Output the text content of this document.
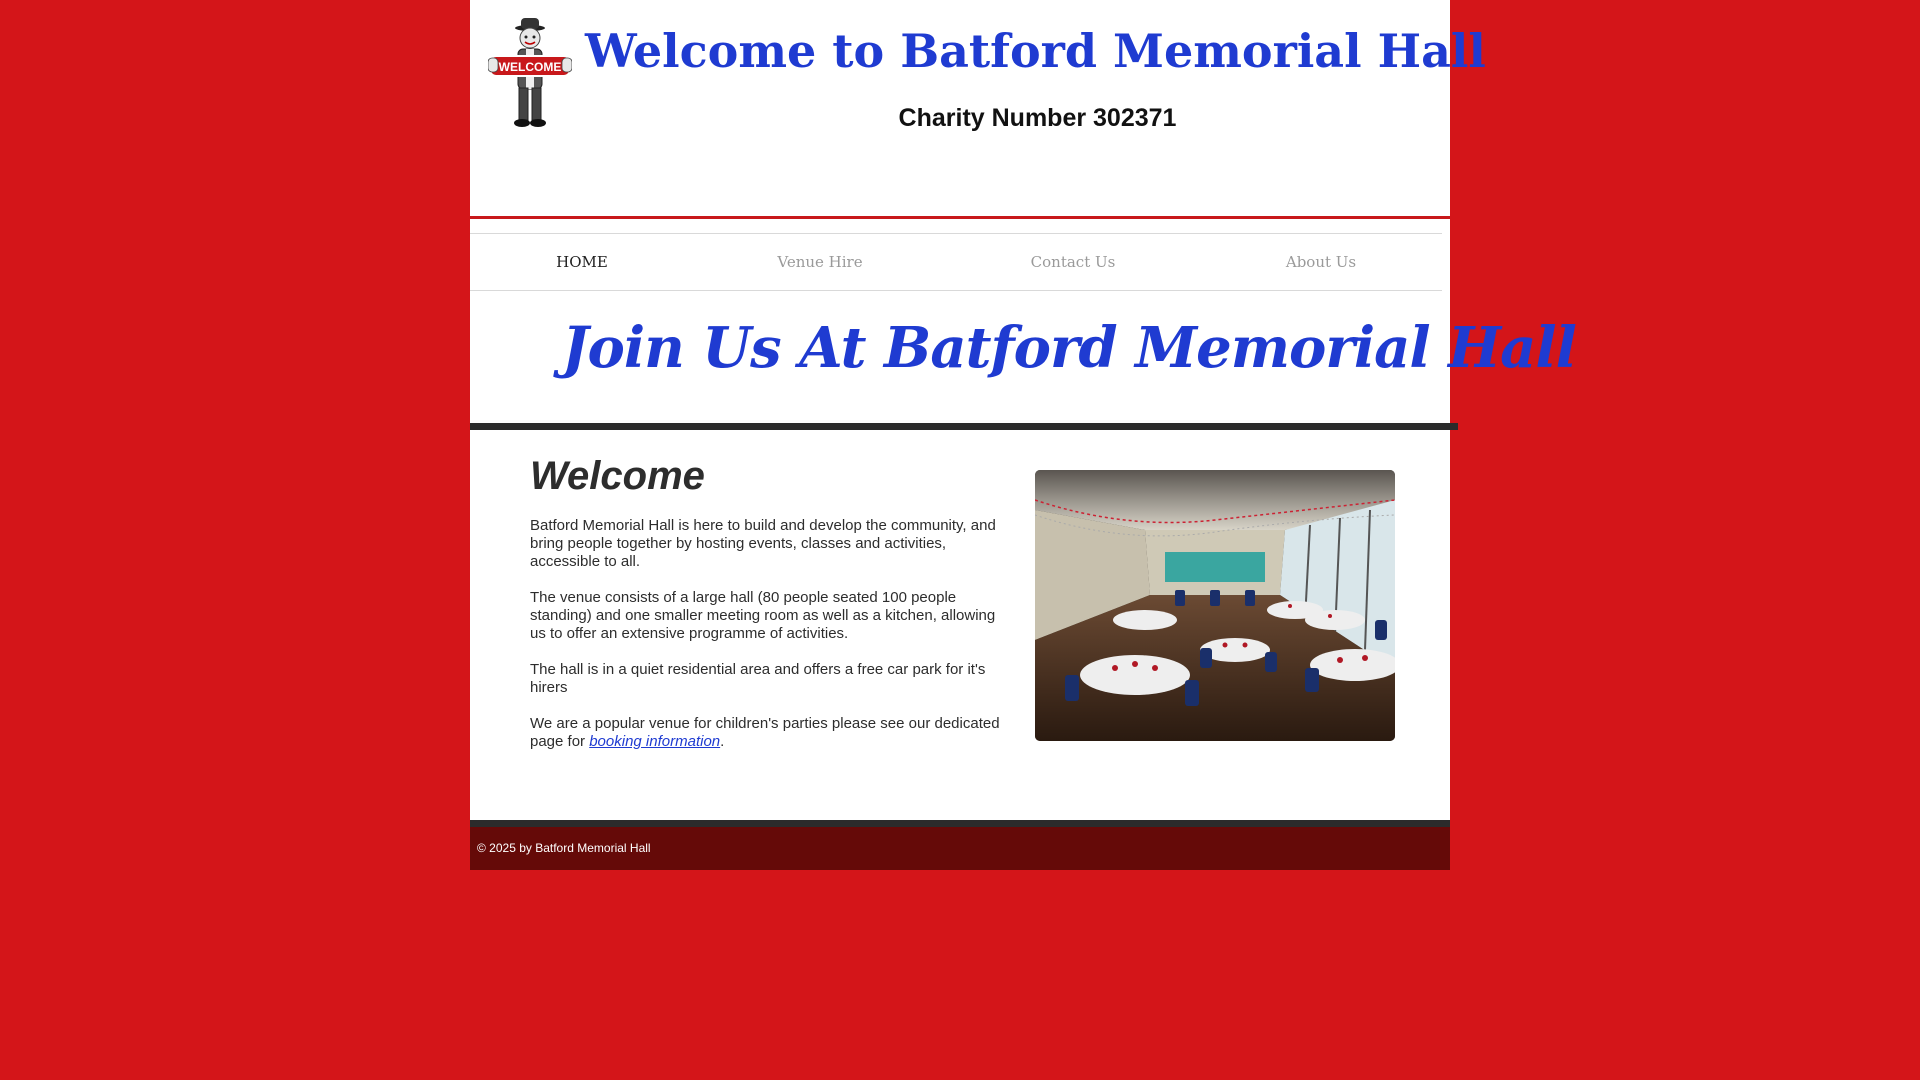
WELCOME Welcome to Batford Memorial Hall
Charity Number 302371
HOME	Venue Hire	Contact Us	About Us
Join Us At Batford Memorial Hall
Welcome

Batford Memorial Hall is here to build and develop the community, and bring people together by hosting events, classes and activities, accessible to all.

The venue consists of a large hall (80 people seated 100 people standing) and one smaller meeting room as well as a kitchen, allowing us to offer an extensive programme of activities.

The hall is in a quiet residential area and offers a free car park for it's hirers

We are a popular venue for children's parties please see our dedicated page for booking information.

© 2025 by Batford Memorial Hall
